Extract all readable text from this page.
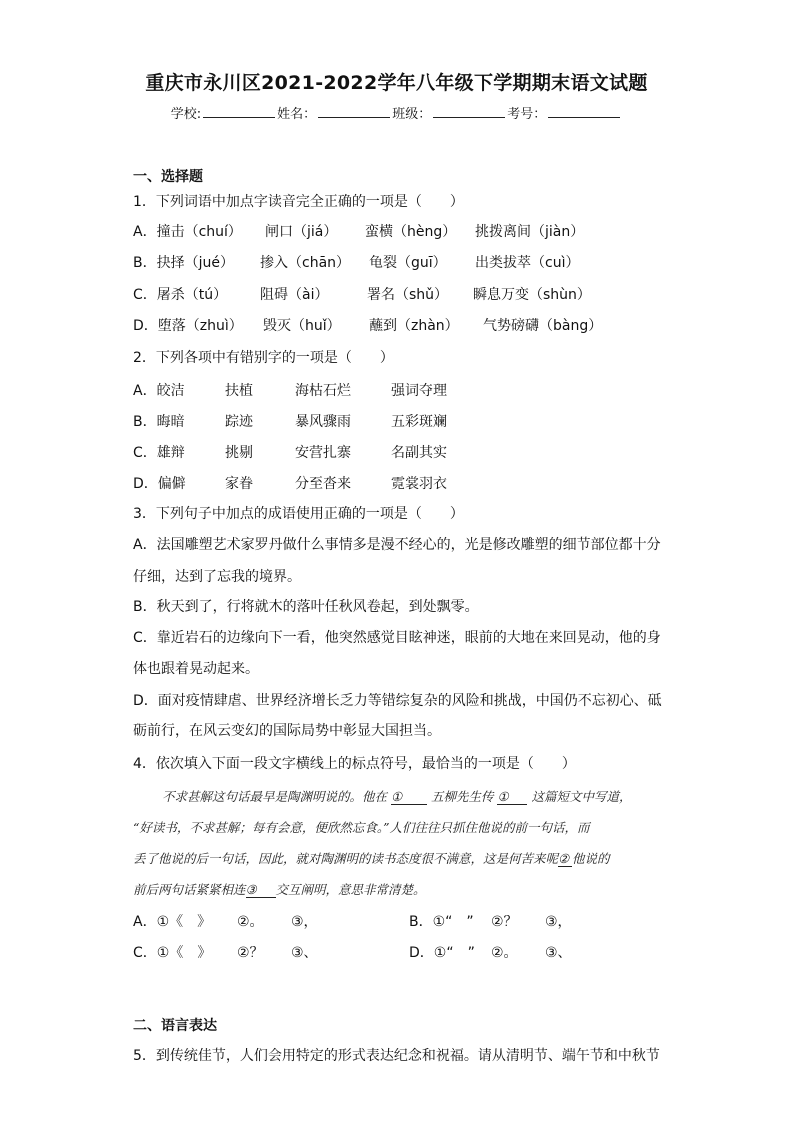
重庆市永川区2021-2022学年八年级下学期期末语文试题
学校:	姓名：	班级：	考号：
一、选择题
1．下列词语中加点字读音完全正确的一项是（　　）
A．撞击（chuí） 闸口（jiá） 蛮横（hèng） 挑拨离间（jiàn）
B．抉择（jué） 掺入（chān） 龟裂（guī） 出类拔萃（cuì）
C．屠杀（tú） 阻碍（ài）	署名（shǔ） 瞬息万变（shùn）
D．堕落（zhuì） 毁灭（huǐ） 蘸到（zhàn） 气势磅礴（bàng）
2．下列各项中有错别字的一项是（　　）
A．皎洁	扶植	海枯石烂	强词夺理
B．晦暗	踪迹	暴风骤雨	五彩斑斓
C．雄辩	挑剔	安营扎寨	名副其实
D．偏僻	家眷	分至沓来	霓裳羽衣
3．下列句子中加点的成语使用正确的一项是（　　）
A．法国雕塑艺术家罗丹做什么事情多是漫不经心的，光是修改雕塑的细节部位都十分
仔细，达到了忘我的境界。
B．秋天到了，行将就木的落叶任秋风卷起，到处飘零。
C．靠近岩石的边缘向下一看，他突然感觉目眩神迷，眼前的大地在来回晃动，他的身
体也跟着晃动起来。
D．面对疫情肆虐、世界经济增长乏力等错综复杂的风险和挑战，中国仍不忘初心、砥
砺前行，在风云变幻的国际局势中彰显大国担当。
4．依次填入下面一段文字横线上的标点符号，最恰当的一项是（　　）
不求甚解这句话最早是陶渊明说的。他在 ① 五柳先生传 ① 这篇短文中写道，
“好读书，不求甚解；每有会意，便欣然忘食。”人们往往只抓住他说的前一句话，而
丢了他说的后一句话，因此，就对陶渊明的读书态度很不满意，这是何苦来呢② 他说的
前后两句话紧紧相连③ 交互阐明，意思非常清楚。
A．①《　》 ②。 ③，	B．①“　” ②？ ③，
C．①《　》 ②？ ③、	D．①“　” ②。 ③、
二、语言表达
5．到传统佳节，人们会用特定的形式表达纪念和祝福。请从清明节、端午节和中秋节
